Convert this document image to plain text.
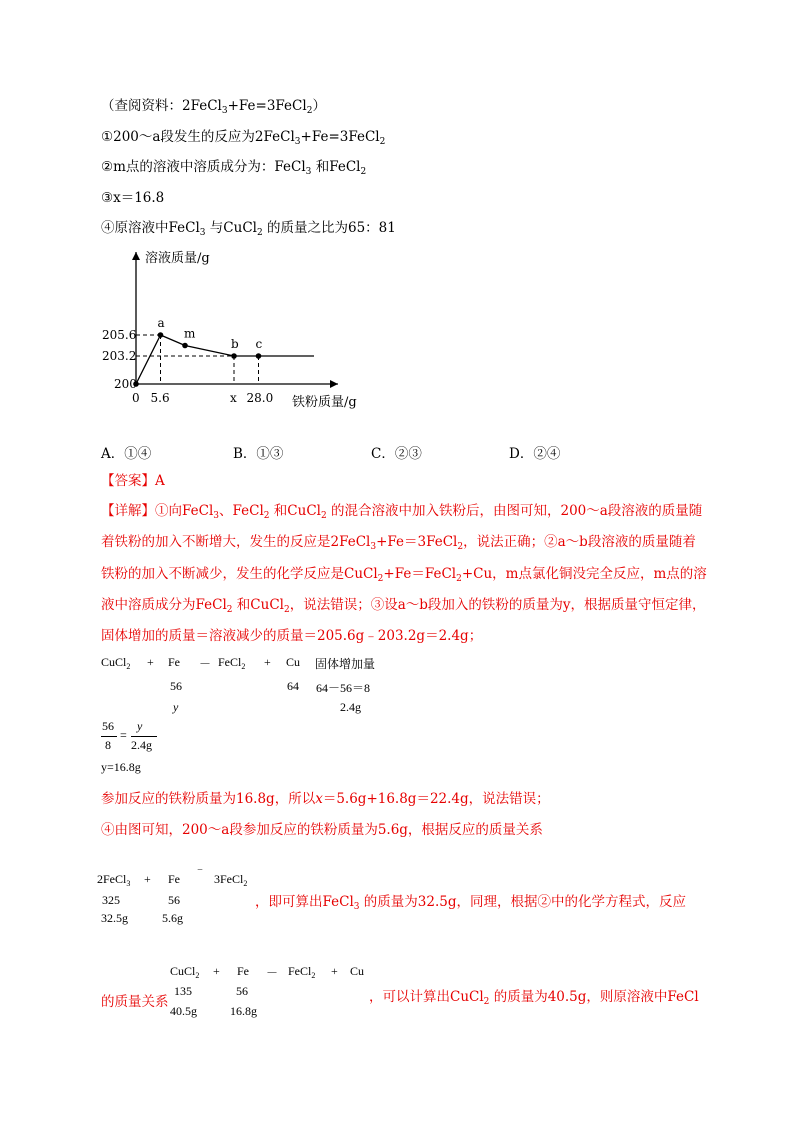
（查阅资料：2FeCl$_3$+Fe=3FeCl$_2$）
①200～a段发生的反应为2FeCl$_3$+Fe=3FeCl$_2$
②m点的溶液中溶质成分为：FeCl$_3$ 和FeCl$_2$
③x＝16.8
④原溶液中FeCl$_3$ 与CuCl$_2$ 的质量之比为65：81
溶液质量/g
铁粉质量/g
a
m
b c
200
203.2
205.6
0 5.6	x 28.0
A．①④	B．①③	C．②③	D．②④
【答案】A
【详解】①向FeCl$_3$、FeCl$_2$ 和CuCl$_2$ 的混合溶液中加入铁粉后，由图可知，200～a段溶液的质量随
着铁粉的加入不断增大，发生的反应是2FeCl$_3$+Fe＝3FeCl$_2$，说法正确；②a～b段溶液的质量随着
铁粉的加入不断减少，发生的化学反应是CuCl$_2$+Fe＝FeCl$_2$+Cu，m点氯化铜没完全反应，m点的溶
液中溶质成分为FeCl$_2$ 和CuCl$_2$，说法错误；③设a～b段加入的铁粉的质量为y，根据质量守恒定律，
固体增加的质量＝溶液减少的质量＝205.6g﹣203.2g＝2.4g；
CuCl$_2$ + Fe － FeCl$_2$ + Cu 固体增加量
56	64 64－56＝8
y	2.4g
56
8
=
y
2.4g
y=16.8g
参加反应的铁粉质量为16.8g，所以x＝5.6g+16.8g＝22.4g，说法错误；
④由图可知，200～a段参加反应的铁粉质量为5.6g，根据反应的质量关系
2FeCl$_3$ + Fe ‾ 3FeCl$_2$
325	56
32.5g	5.6g
，即可算出FeCl$_3$ 的质量为32.5g，同理，根据②中的化学方程式，反应
CuCl$_2$ + Fe － FeCl$_2$ + Cu
135	56
40.5g	16.8g
的质量关系	，可以计算出CuCl$_2$ 的质量为40.5g，则原溶液中FeCl
